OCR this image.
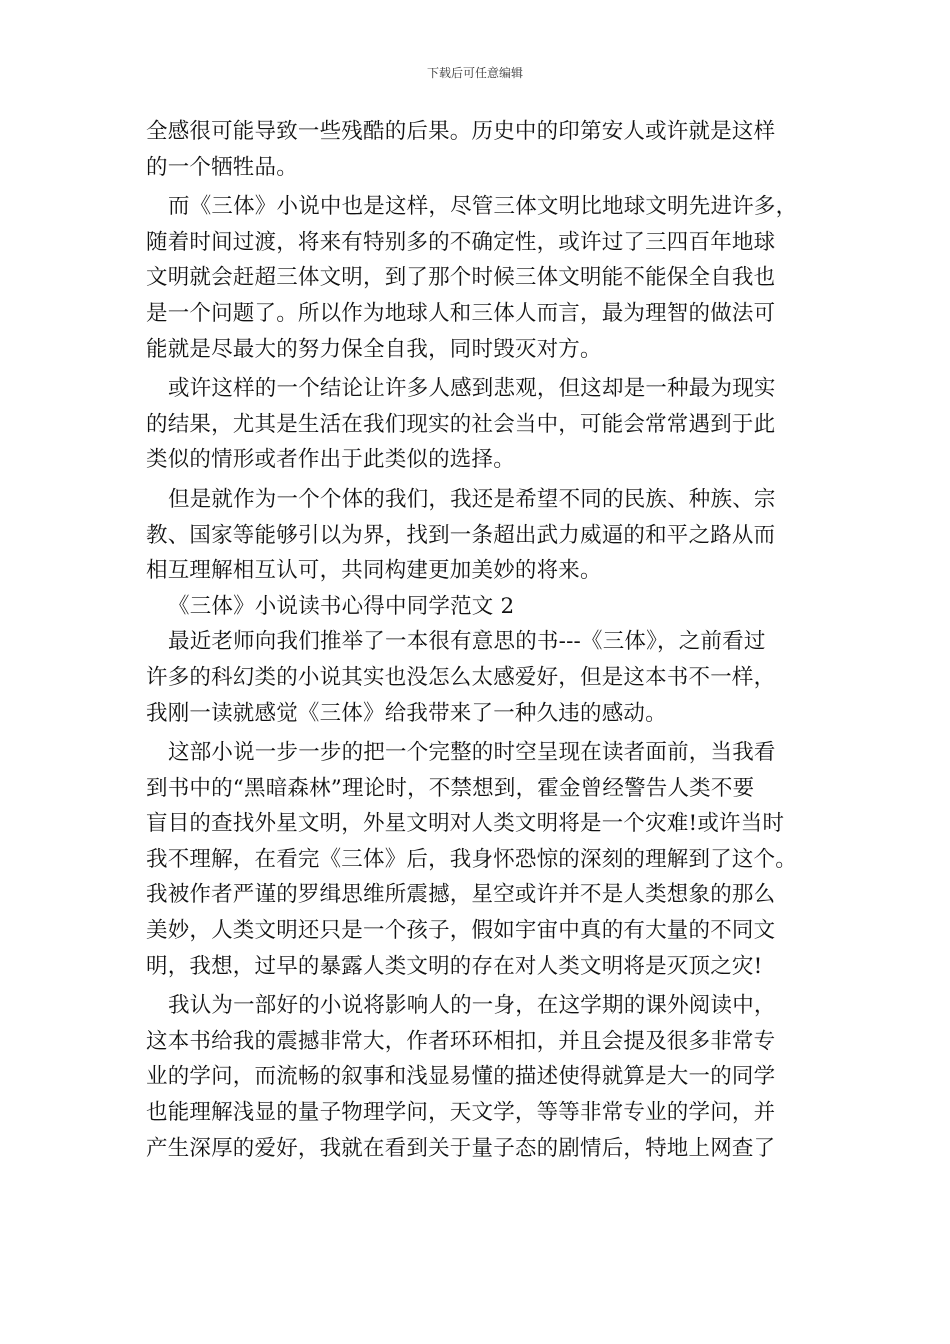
下载后可任意编辑
全感很可能导致一些残酷的后果。历史中的印第安人或许就是这样
的一个牺牲品。
而《三体》小说中也是这样，尽管三体文明比地球文明先进许多，
随着时间过渡，将来有特别多的不确定性，或许过了三四百年地球
文明就会赶超三体文明，到了那个时候三体文明能不能保全自我也
是一个问题了。所以作为地球人和三体人而言，最为理智的做法可
能就是尽最大的努力保全自我，同时毁灭对方。
或许这样的一个结论让许多人感到悲观，但这却是一种最为现实
的结果，尤其是生活在我们现实的社会当中，可能会常常遇到于此
类似的情形或者作出于此类似的选择。
但是就作为一个个体的我们，我还是希望不同的民族、种族、宗
教、国家等能够引以为界，找到一条超出武力威逼的和平之路从而
相互理解相互认可，共同构建更加美妙的将来。
《三体》小说读书心得中同学范文 2
最近老师向我们推举了一本很有意思的书---《三体》，之前看过
许多的科幻类的小说其实也没怎么太感爱好，但是这本书不一样，
我刚一读就感觉《三体》给我带来了一种久违的感动。
这部小说一步一步的把一个完整的时空呈现在读者面前，当我看
到书中的“黑暗森林”理论时，不禁想到，霍金曾经警告人类不要
盲目的查找外星文明，外星文明对人类文明将是一个灾难!或许当时
我不理解，在看完《三体》后，我身怀恐惊的深刻的理解到了这个。
我被作者严谨的罗缉思维所震撼，星空或许并不是人类想象的那么
美妙，人类文明还只是一个孩子，假如宇宙中真的有大量的不同文
明，我想，过早的暴露人类文明的存在对人类文明将是灭顶之灾!
我认为一部好的小说将影响人的一身，在这学期的课外阅读中，
这本书给我的震撼非常大，作者环环相扣，并且会提及很多非常专
业的学问，而流畅的叙事和浅显易懂的描述使得就算是大一的同学
也能理解浅显的量子物理学问，天文学，等等非常专业的学问，并
产生深厚的爱好，我就在看到关于量子态的剧情后，特地上网查了
